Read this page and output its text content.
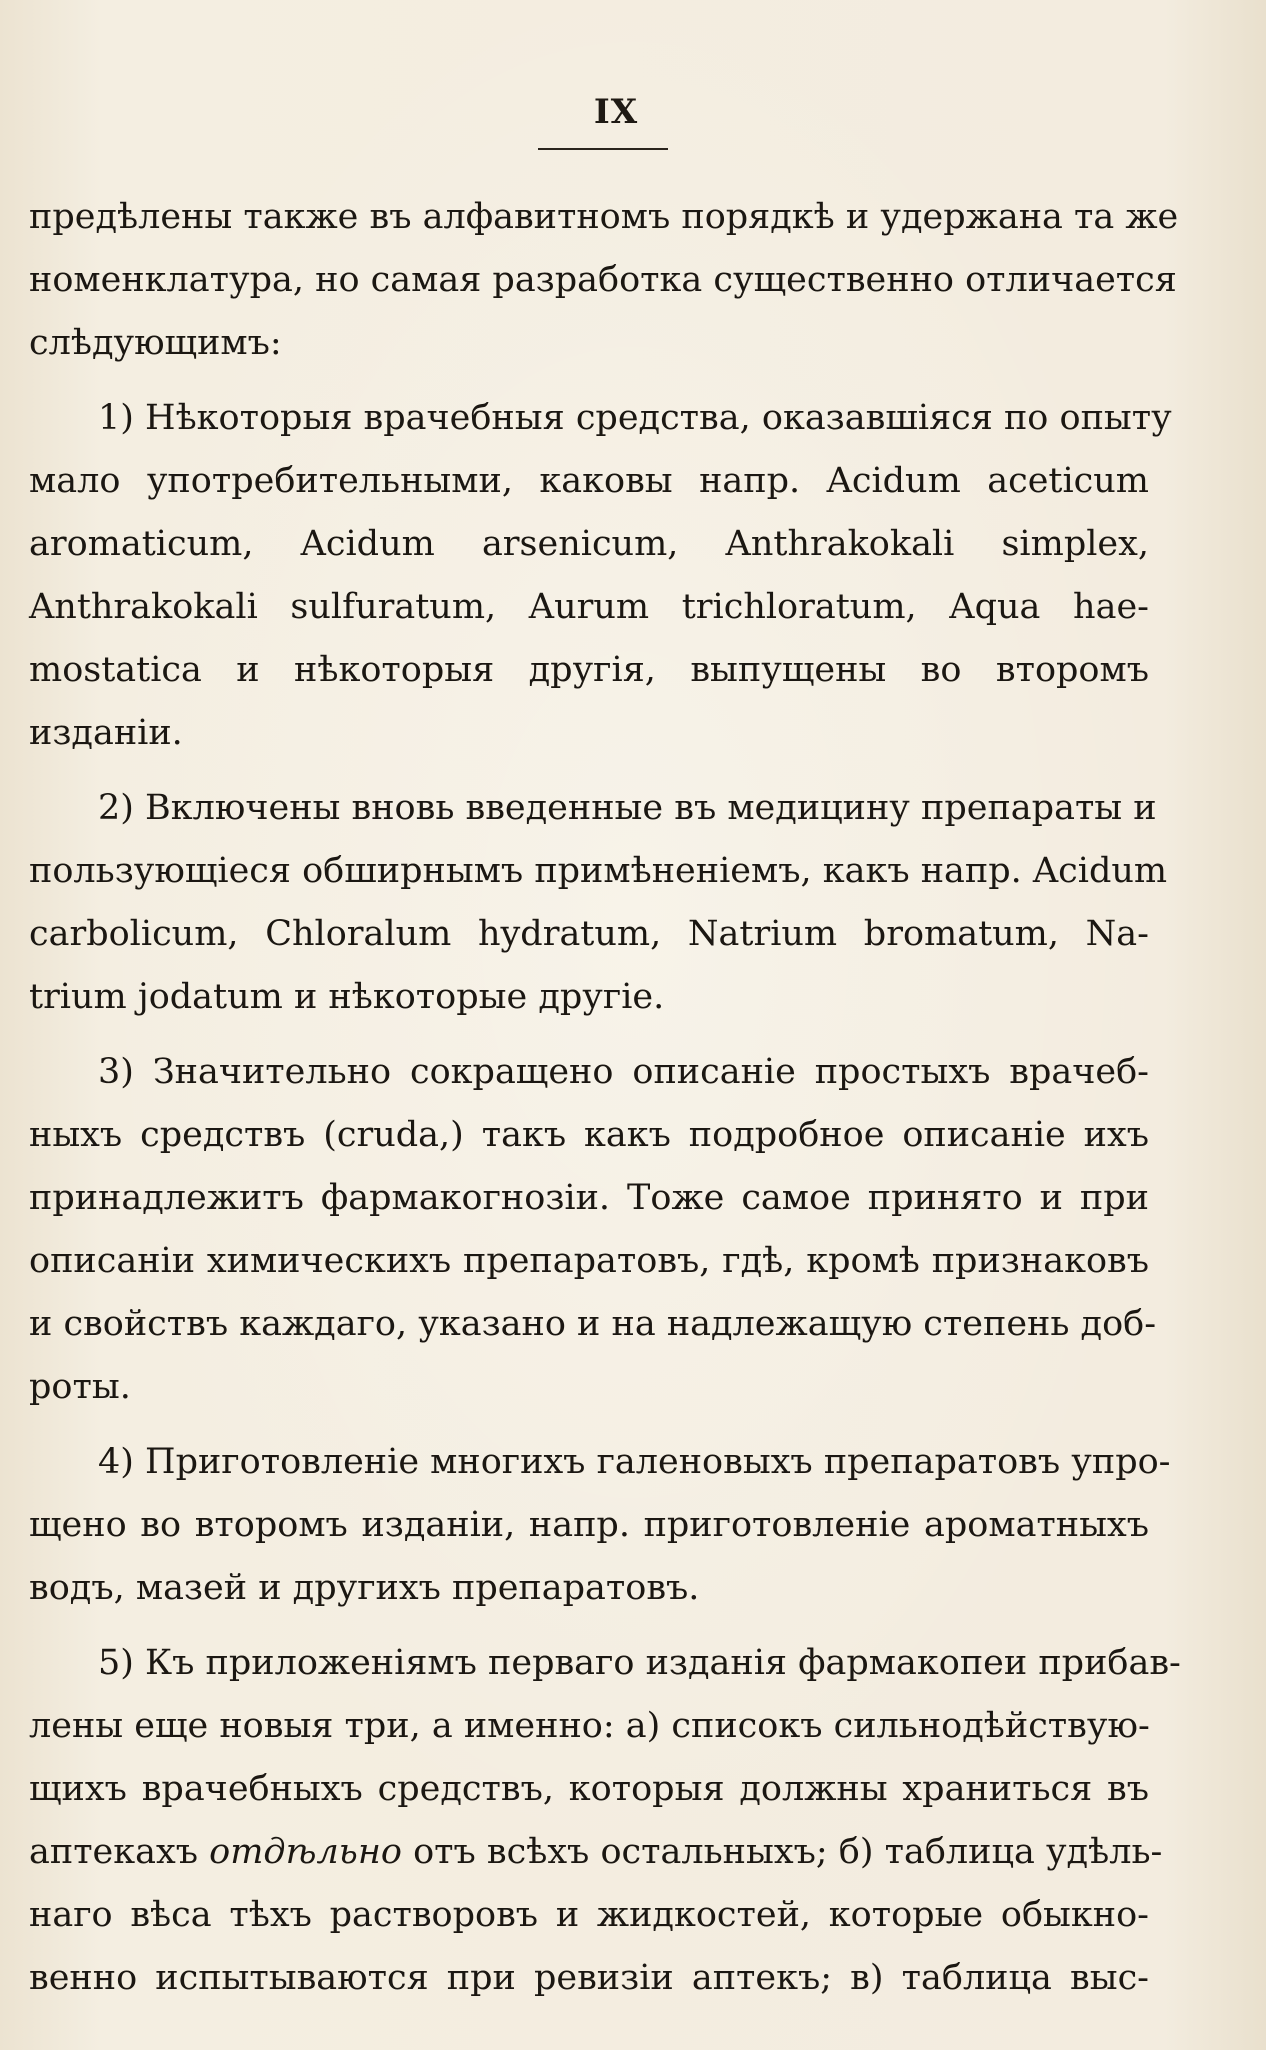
IX
предѣлены также въ алфавитномъ порядкѣ и удержана та же
номенклатура, но самая разработка существенно отличается
слѣдующимъ:
1) Нѣкоторыя врачебныя средства, оказавшіяся по опыту
мало употребительными, каковы напр. Acidum aceticum
aromaticum, Acidum arsenicum, Anthrakokali simplex,
Anthrakokali sulfuratum, Aurum trichloratum, Aqua hae-
mostatica и нѣкоторыя другія, выпущены во второмъ
изданіи.
2) Включены вновь введенные въ медицину препараты и
пользующіеся обширнымъ примѣненіемъ, какъ напр. Acidum
carbolicum, Chloralum hydratum, Natrium bromatum, Na-
trium jodatum и нѣкоторые другіе.
3) Значительно сокращено описаніе простыхъ врачеб-
ныхъ средствъ (cruda,) такъ какъ подробное описаніе ихъ
принадлежитъ фармакогнозіи. Тоже самое принято и при
описаніи химическихъ препаратовъ, гдѣ, кромѣ признаковъ
и свойствъ каждаго, указано и на надлежащую степень доб-
роты.
4) Приготовленіе многихъ галеновыхъ препаратовъ упро-
щено во второмъ изданіи, напр. приготовленіе ароматныхъ
водъ, мазей и другихъ препаратовъ.
5) Къ приложеніямъ перваго изданія фармакопеи прибав-
лены еще новыя три, а именно: а) списокъ сильнодѣйствую-
щихъ врачебныхъ средствъ, которыя должны храниться въ
аптекахъ отдѣльно отъ всѣхъ остальныхъ; б) таблица удѣль-
наго вѣса тѣхъ растворовъ и жидкостей, которые обыкно-
венно испытываются при ревизіи аптекъ; в) таблица выс-
